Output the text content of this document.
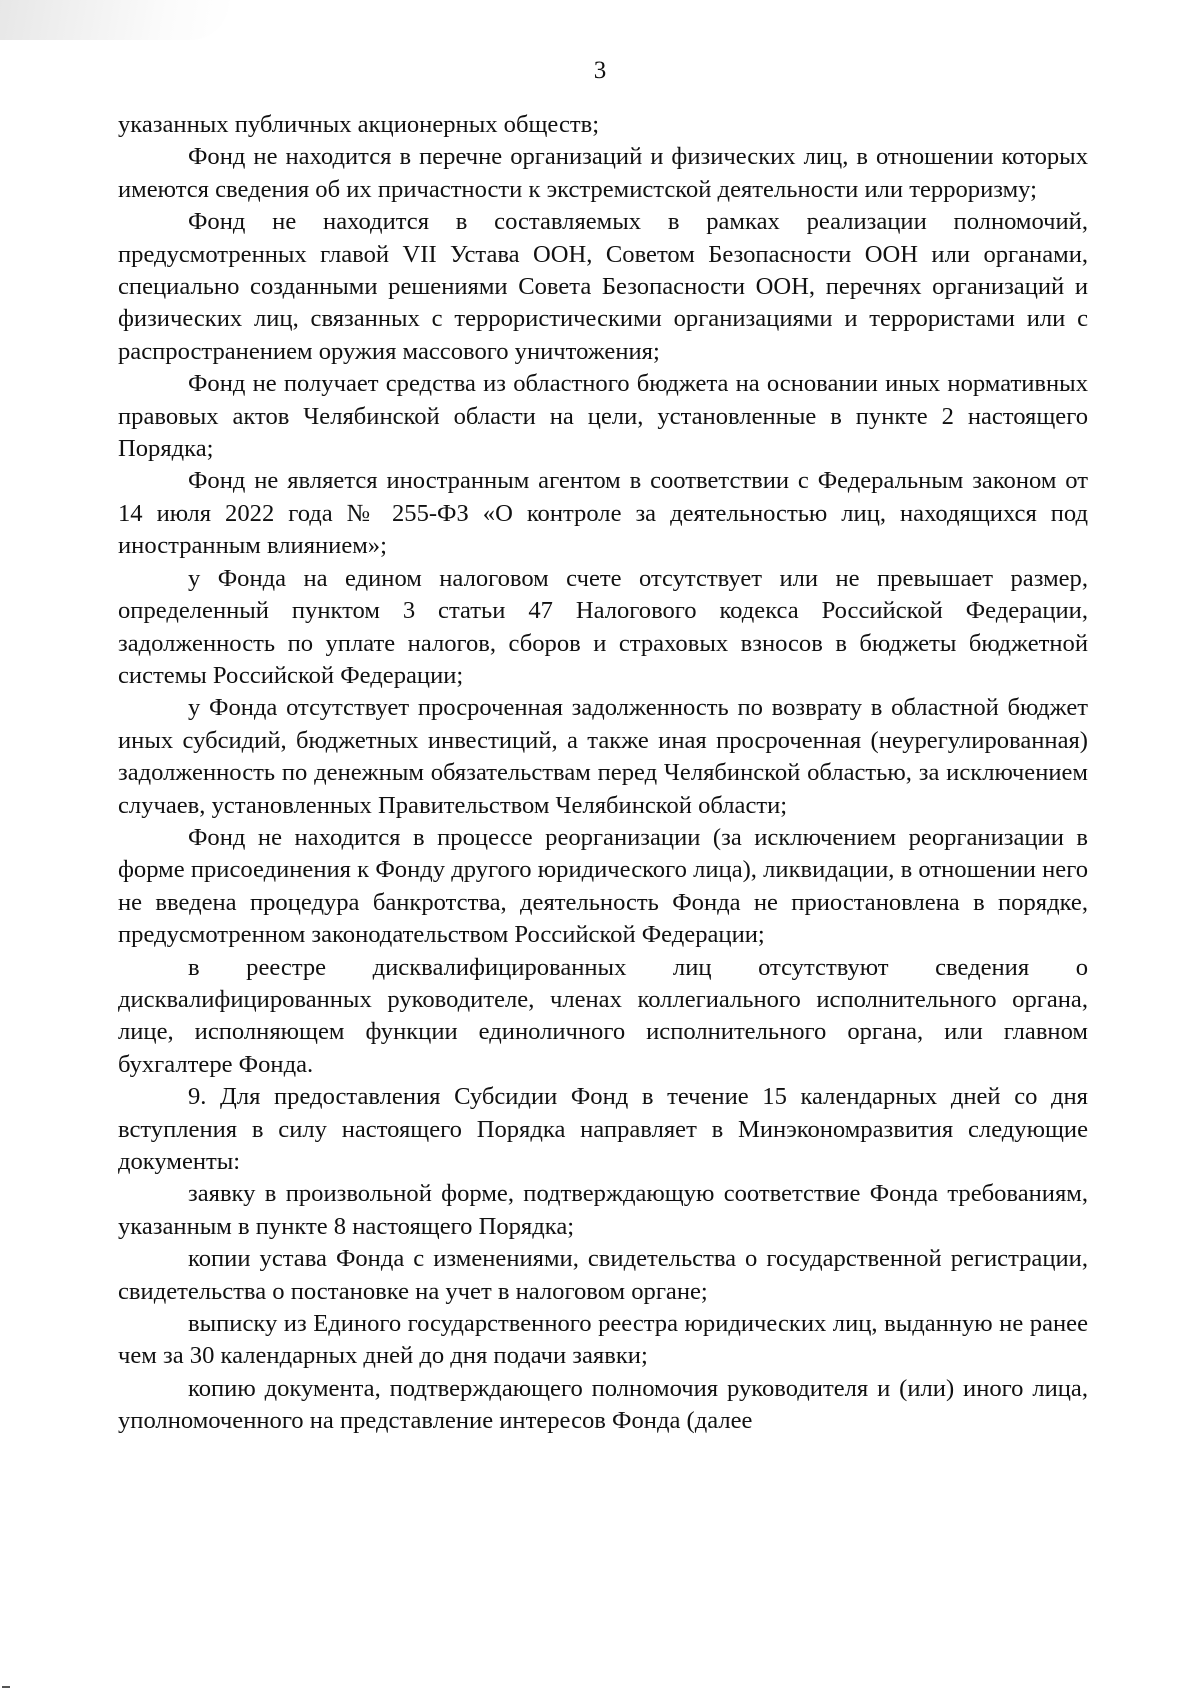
3

указанных публичных акционерных обществ;

Фонд не находится в перечне организаций и физических лиц, в отношении которых имеются сведения об их причастности к экстремистской деятельности или терроризму;

Фонд не находится в составляемых в рамках реализации полномочий, предусмотренных главой VII Устава ООН, Советом Безопасности ООН или органами, специально созданными решениями Совета Безопасности ООН, перечнях организаций и физических лиц, связанных с террористическими организациями и террористами или с распространением оружия массового уничтожения;

Фонд не получает средства из областного бюджета на основании иных нормативных правовых актов Челябинской области на цели, установленные в пункте 2 настоящего Порядка;

Фонд не является иностранным агентом в соответствии с Федеральным законом от 14 июля 2022 года № 255-ФЗ «О контроле за деятельностью лиц, находящихся под иностранным влиянием»;

у Фонда на едином налоговом счете отсутствует или не превышает размер, определенный пунктом 3 статьи 47 Налогового кодекса Российской Федерации, задолженность по уплате налогов, сборов и страховых взносов в бюджеты бюджетной системы Российской Федерации;

у Фонда отсутствует просроченная задолженность по возврату в областной бюджет иных субсидий, бюджетных инвестиций, а также иная просроченная (неурегулированная) задолженность по денежным обязательствам перед Челябинской областью, за исключением случаев, установленных Правительством Челябинской области;

Фонд не находится в процессе реорганизации (за исключением реорганизации в форме присоединения к Фонду другого юридического лица), ликвидации, в отношении него не введена процедура банкротства, деятельность Фонда не приостановлена в порядке, предусмотренном законодательством Российской Федерации;

в реестре дисквалифицированных лиц отсутствуют сведения о дисквалифицированных руководителе, членах коллегиального исполнительного органа, лице, исполняющем функции единоличного исполнительного органа, или главном бухгалтере Фонда.

9. Для предоставления Субсидии Фонд в течение 15 календарных дней со дня вступления в силу настоящего Порядка направляет в Минэкономразвития следующие документы:

заявку в произвольной форме, подтверждающую соответствие Фонда требованиям, указанным в пункте 8 настоящего Порядка;

копии устава Фонда с изменениями, свидетельства о государственной регистрации, свидетельства о постановке на учет в налоговом органе;

выписку из Единого государственного реестра юридических лиц, выданную не ранее чем за 30 календарных дней до дня подачи заявки;

копию документа, подтверждающего полномочия руководителя и (или) иного лица, уполномоченного на представление интересов Фонда (далее
